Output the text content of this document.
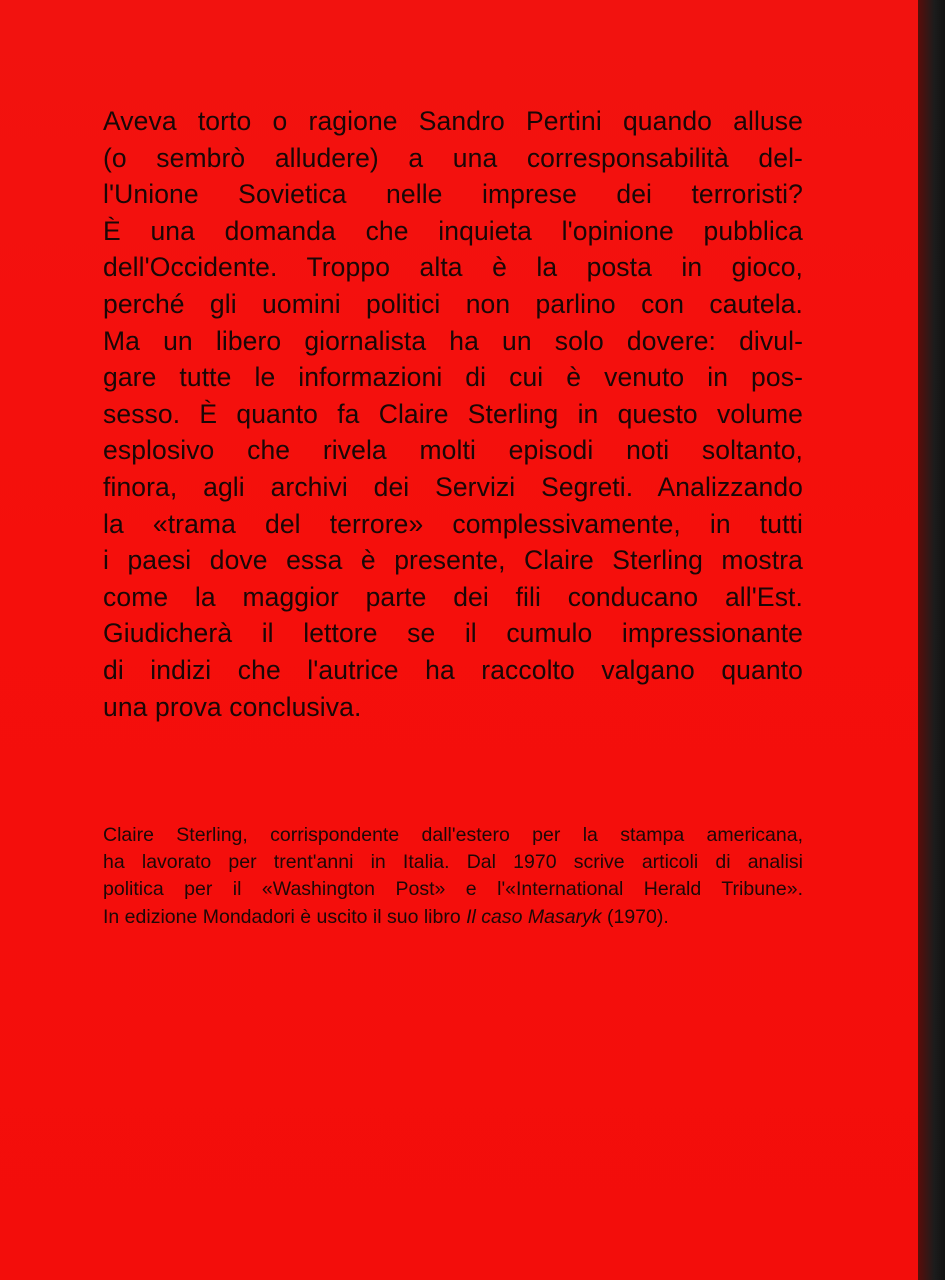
Aveva torto o ragione Sandro Pertini quando alluse
(o sembrò alludere) a una corresponsabilità del-
l'Unione Sovietica nelle imprese dei terroristi?
È una domanda che inquieta l'opinione pubblica
dell'Occidente. Troppo alta è la posta in gioco,
perché gli uomini politici non parlino con cautela.
Ma un libero giornalista ha un solo dovere: divul-
gare tutte le informazioni di cui è venuto in pos-
sesso. È quanto fa Claire Sterling in questo volume
esplosivo che rivela molti episodi noti soltanto,
finora, agli archivi dei Servizi Segreti. Analizzando
la «trama del terrore» complessivamente, in tutti
i paesi dove essa è presente, Claire Sterling mostra
come la maggior parte dei fili conducano all'Est.
Giudicherà il lettore se il cumulo impressionante
di indizi che l'autrice ha raccolto valgano quanto
una prova conclusiva.

Claire Sterling, corrispondente dall'estero per la stampa americana,
ha lavorato per trent'anni in Italia. Dal 1970 scrive articoli di analisi
politica per il «Washington Post» e l'«International Herald Tribune».
In edizione Mondadori è uscito il suo libro Il caso Masaryk (1970).
